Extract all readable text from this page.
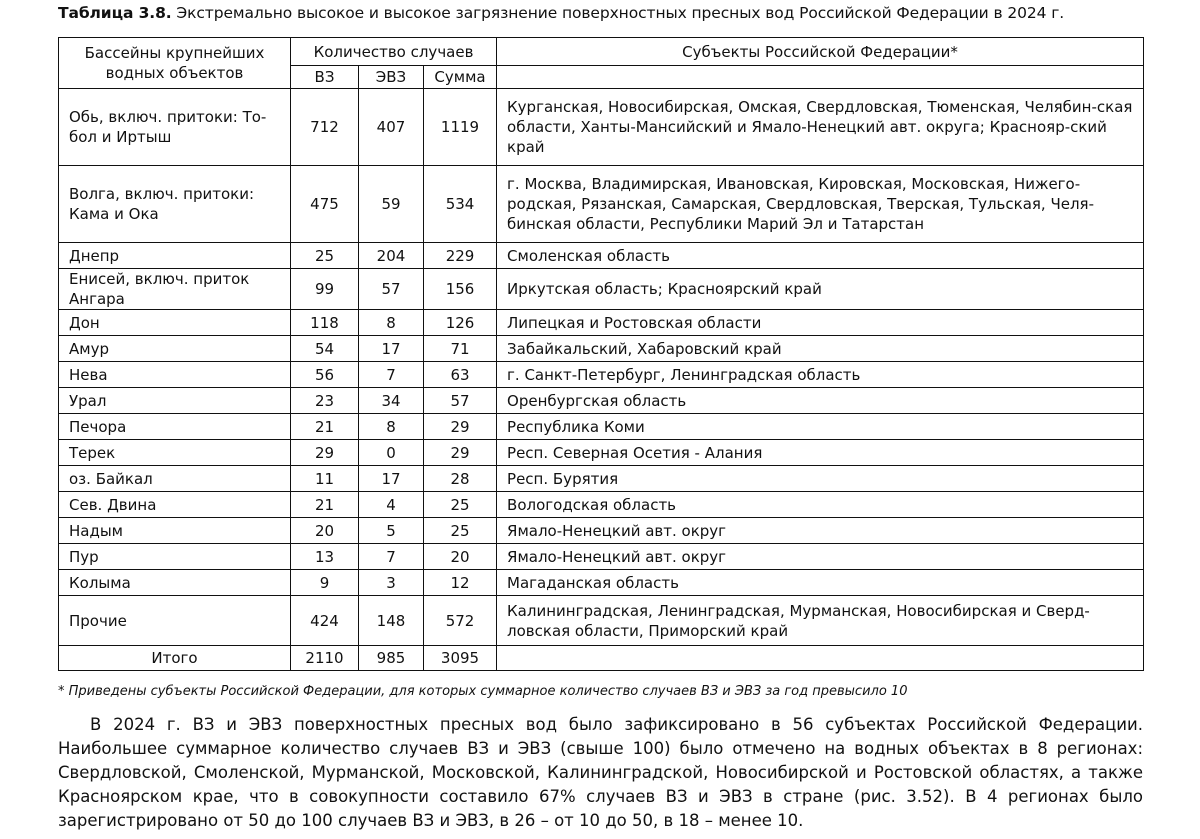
Таблица 3.8. Экстремально высокое и высокое загрязнение поверхностных пресных вод Российской Федерации в 2024 г.
Бассейны крупнейших водных объектов	Количество случаев			Субъекты Российской Федерации*
	ВЗ	ЭВЗ	Сумма	
Обь, включ. притоки: То-бол и Иртыш	712	407	1119	Курганская, Новосибирская, Омская, Свердловская, Тюменская, Челябин-ская области, Ханты-Мансийский и Ямало-Ненецкий авт. округа; Краснояр-ский край
Волга, включ. притоки: Кама и Ока	475	59	534	г. Москва, Владимирская, Ивановская, Кировская, Московская, Нижего-родская, Рязанская, Самарская, Свердловская, Тверская, Тульская, Челя-бинская области, Республики Марий Эл и Татарстан
Днепр	25	204	229	Смоленская область
Енисей, включ. приток Ангара	99	57	156	Иркутская область; Красноярский край
Дон	118	8	126	Липецкая и Ростовская области
Амур	54	17	71	Забайкальский, Хабаровский край
Нева	56	7	63	г. Санкт-Петербург, Ленинградская область
Урал	23	34	57	Оренбургская область
Печора	21	8	29	Республика Коми
Терек	29	0	29	Респ. Северная Осетия - Алания
оз. Байкал	11	17	28	Респ. Бурятия
Сев. Двина	21	4	25	Вологодская область
Надым	20	5	25	Ямало-Ненецкий авт. округ
Пур	13	7	20	Ямало-Ненецкий авт. округ
Колыма	9	3	12	Магаданская область
Прочие	424	148	572	Калининградская, Ленинградская, Мурманская, Новосибирская и Сверд-ловская области, Приморский край
Итого	2110	985	3095	
* Приведены субъекты Российской Федерации, для которых суммарное количество случаев ВЗ и ЭВЗ за год превысило 10

В 2024 г. ВЗ и ЭВЗ поверхностных пресных вод было зафиксировано в 56 субъектах Российской Федерации. Наибольшее суммарное количество случаев ВЗ и ЭВЗ (свыше 100) было отмечено на водных объектах в 8 регионах: Свердловской, Смоленской, Мурманской, Московской, Калининградской, Новосибирской и Ростовской областях, а также Красноярском крае, что в совокупности составило 67% случаев ВЗ и ЭВЗ в стране (рис. 3.52). В 4 регионах было зарегистрировано от 50 до 100 случаев ВЗ и ЭВЗ, в 26 – от 10 до 50, в 18 – менее 10.
